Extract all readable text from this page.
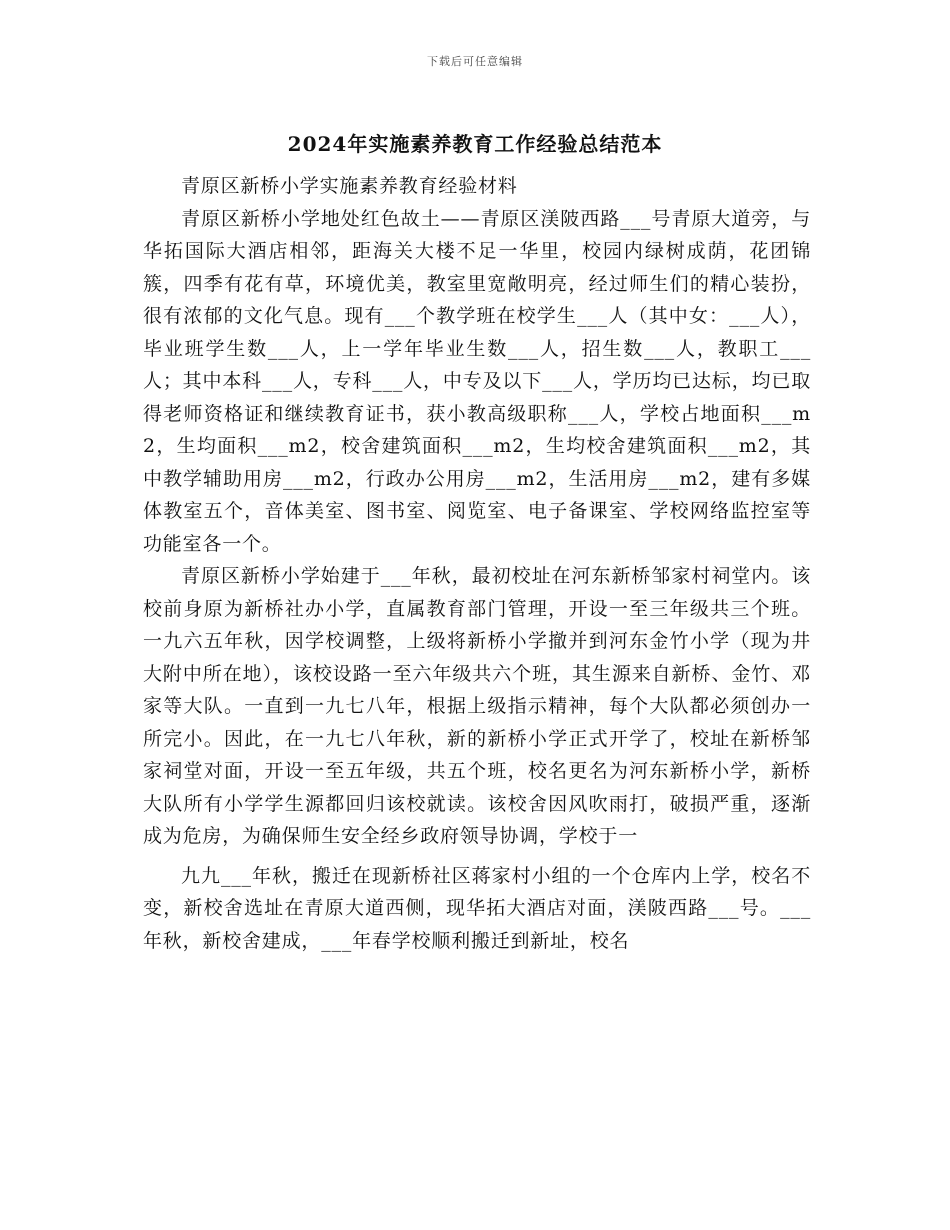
下载后可任意编辑
2024年实施素养教育工作经验总结范本

青原区新桥小学实施素养教育经验材料

青原区新桥小学地处红色故土——青原区渼陂西路___号青原大道旁，与华拓国际大酒店相邻，距海关大楼不足一华里，校园内绿树成荫，花团锦簇，四季有花有草，环境优美，教室里宽敞明亮，经过师生们的精心装扮，很有浓郁的文化气息。现有___个教学班在校学生___人（其中女：___人），毕业班学生数___人，上一学年毕业生数___人，招生数___人，教职工___人；其中本科___人，专科___人，中专及以下___人，学历均已达标，均已取得老师资格证和继续教育证书，获小教高级职称___人，学校占地面积___m2，生均面积___m2，校舍建筑面积___m2，生均校舍建筑面积___m2，其中教学辅助用房___m2，行政办公用房___m2，生活用房___m2，建有多媒体教室五个，音体美室、图书室、阅览室、电子备课室、学校网络监控室等功能室各一个。

青原区新桥小学始建于___年秋，最初校址在河东新桥邹家村祠堂内。该校前身原为新桥社办小学，直属教育部门管理，开设一至三年级共三个班。一九六五年秋，因学校调整，上级将新桥小学撤并到河东金竹小学（现为井大附中所在地），该校设路一至六年级共六个班，其生源来自新桥、金竹、邓家等大队。一直到一九七八年，根据上级指示精神，每个大队都必须创办一所完小。因此，在一九七八年秋，新的新桥小学正式开学了，校址在新桥邹家祠堂对面，开设一至五年级，共五个班，校名更名为河东新桥小学，新桥大队所有小学学生源都回归该校就读。该校舍因风吹雨打，破损严重，逐渐成为危房，为确保师生安全经乡政府领导协调，学校于一

九九___年秋，搬迁在现新桥社区蒋家村小组的一个仓库内上学，校名不变，新校舍选址在青原大道西侧，现华拓大酒店对面，渼陂西路___号。___年秋，新校舍建成，___年春学校顺利搬迁到新址，校名
